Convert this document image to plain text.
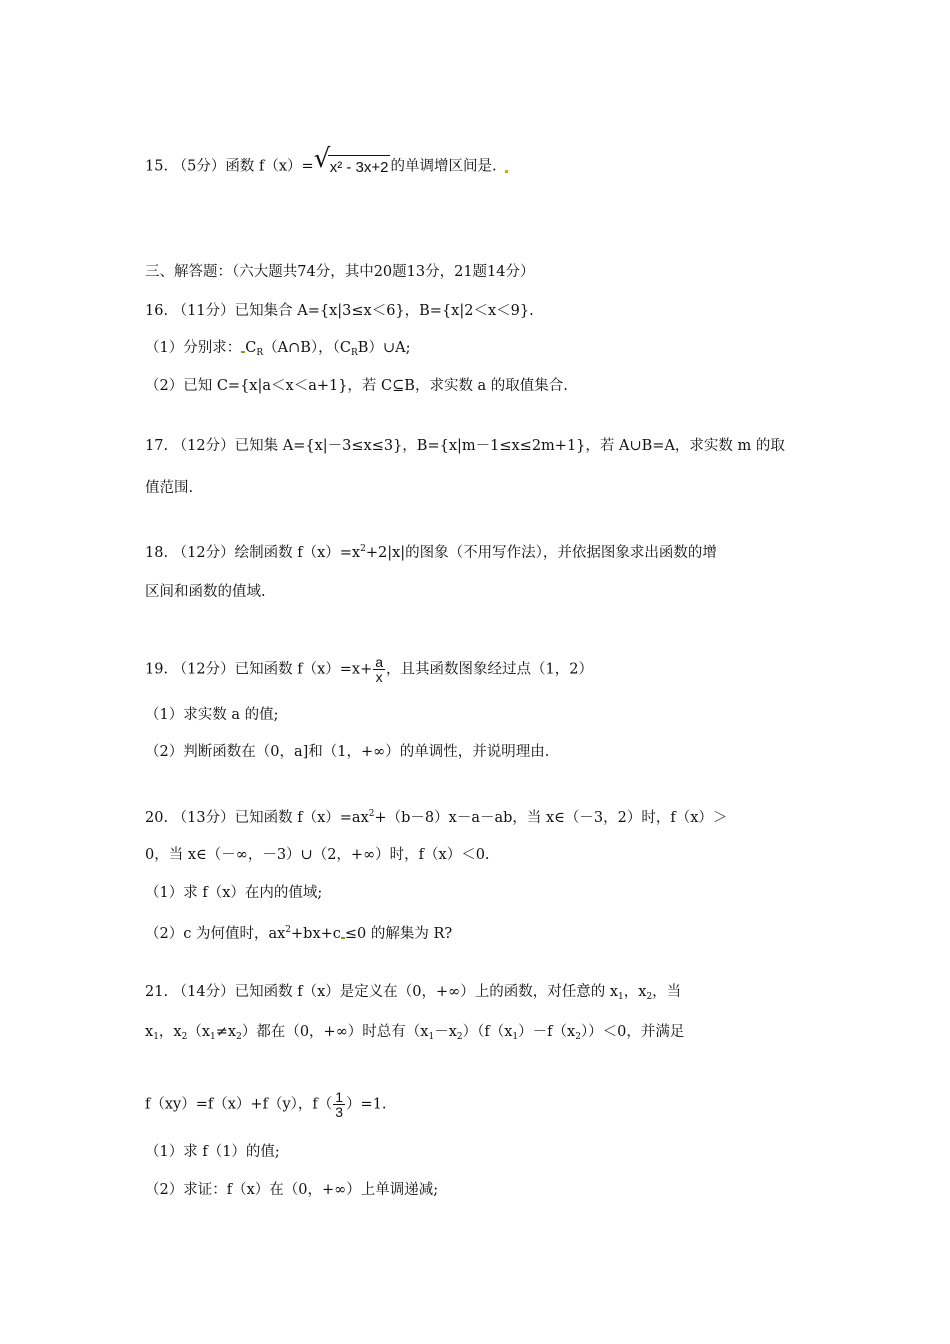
15. （5分）函数 f（x）= √ x² - 3x+2 的单调增区间是.
三、解答题：（六大题共74分，其中20题13分，21题14分）
16. （11分）已知集合 A={x|3≤x＜6}，B={x|2＜x＜9}.
（1）分别求： $C_R(A\cap B)$，$(C_RB)\cup A$;
（2）已知 C={x|a＜x＜a+1}，若 C⊆B，求实数 a 的取值集合.
17. （12分）已知集 A={x|－3≤x≤3}，B={x|m－1≤x≤2m+1}，若 A∪B=A，求实数 m 的取
值范围.
18. （12分）绘制函数 $f(x)=x^2+2|x|$的图象（不用写作法），并依据图象求出函数的增
区间和函数的值域.
19. （12分）已知函数 $f(x)=x+ \frac{a}{x}$ ，且其函数图象经过点（1，2）
（1）求实数 a 的值;
（2）判断函数在（0，a]和（1，+∞）的单调性，并说明理由.
20. （13分）已知函数 $f(x)=ax^2+(b-8)x-a-ab$，当 x∈（－3，2）时，f（x）＞
0，当 x∈（－∞，－3）∪（2，+∞）时，f（x）＜0.
（1）求 f（x）在内的值域;
（2）c 为何值时，$ax^2+bx+c \le 0$ 的解集为 R?
21. （14分）已知函数 f（x）是定义在（0，+∞）上的函数，对任意的 $x_1$，$x_2$，当
$x_1$，$x_2(x_1\ne x_2)$都在（0，+∞）时总有$(x_1-x_2)(f(x_1)-f(x_2))<0$，并满足
f（xy）=f（x）+f（y），$f( \frac{1}{3} )=1$.
（1）求 f（1）的值;
（2）求证：f（x）在（0，+∞）上单调递减;
